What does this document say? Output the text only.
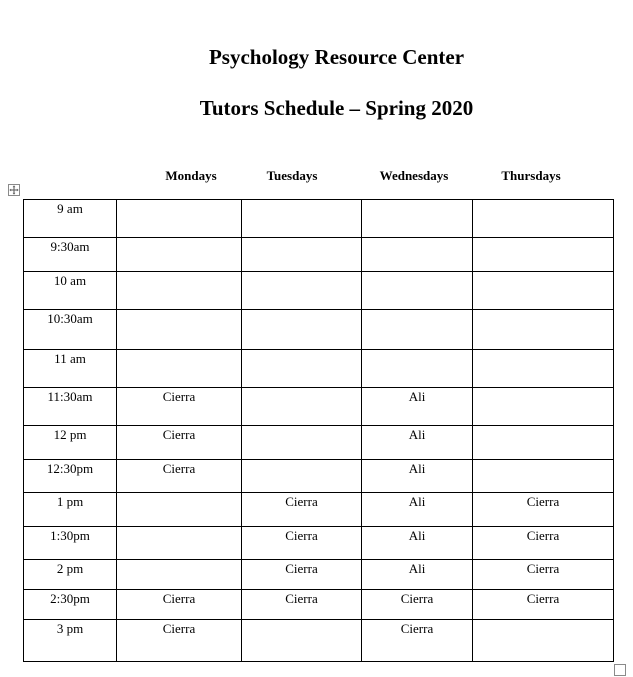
Psychology Resource Center
Tutors Schedule – Spring 2020
Mondays	Tuesdays	Wednesdays	Thursdays
9 am				
9:30am				
10 am				
10:30am				
11 am				
11:30am	Cierra		Ali	
12 pm	Cierra		Ali	
12:30pm	Cierra		Ali	
1 pm		Cierra	Ali	Cierra
1:30pm		Cierra	Ali	Cierra
2 pm		Cierra	Ali	Cierra
2:30pm	Cierra	Cierra	Cierra	Cierra
3 pm	Cierra		Cierra	
